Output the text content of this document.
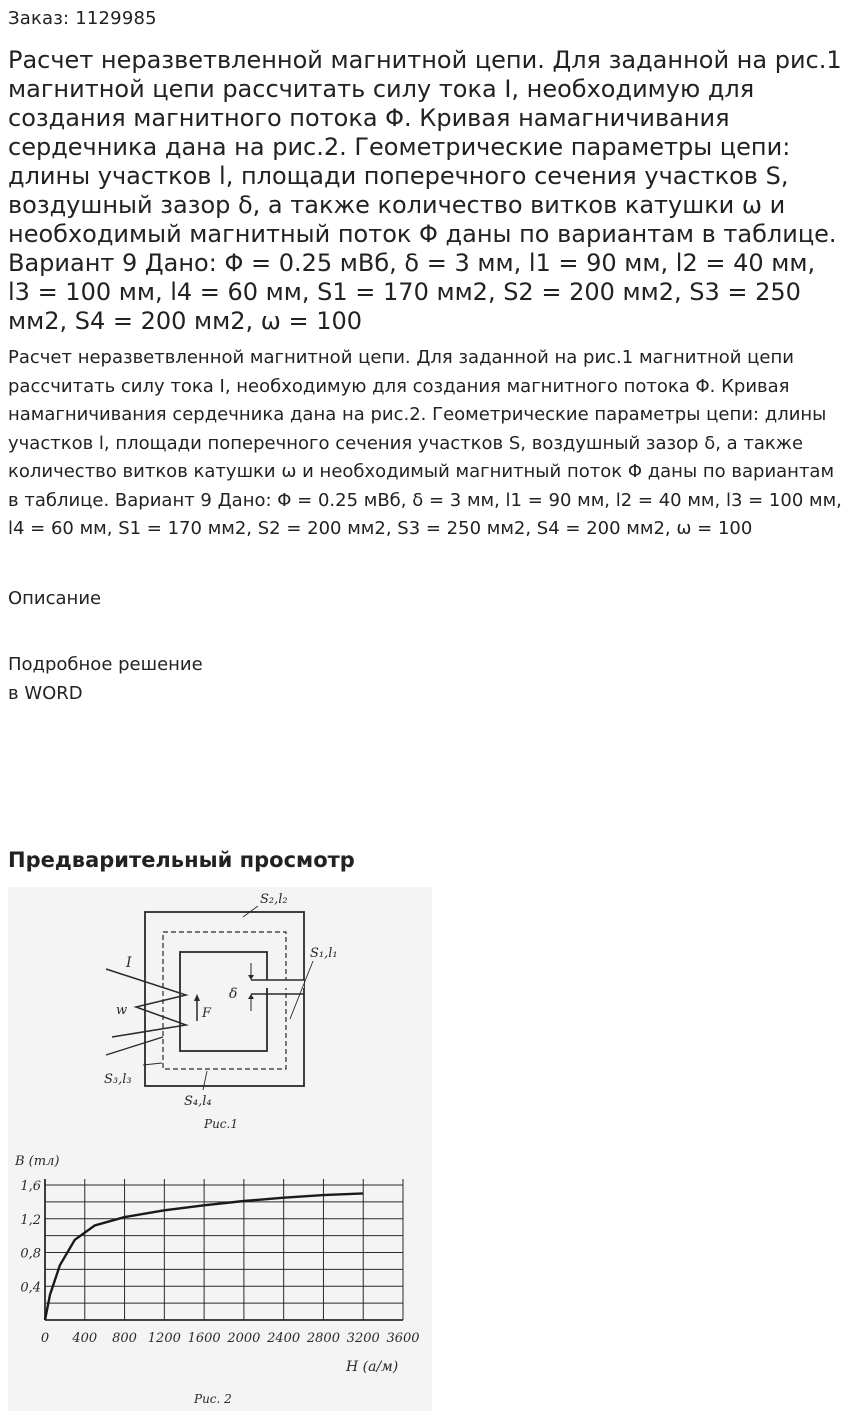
Заказ: 1129985
Расчет неразветвленной магнитной цепи. Для заданной на рис.1 магнитной цепи рассчитать силу тока I, необходимую для создания магнитного потока Φ. Кривая намагничивания сердечника дана на рис.2. Геометрические параметры цепи: длины участков l, площади поперечного сечения участков S, воздушный зазор δ, а также количество витков катушки ω и необходимый магнитный поток Φ даны по вариантам в таблице. Вариант 9 Дано: Φ = 0.25 мВб, δ = 3 мм, l1 = 90 мм, l2 = 40 мм, l3 = 100 мм, l4 = 60 мм, S1 = 170 мм2, S2 = 200 мм2, S3 = 250 мм2, S4 = 200 мм2, ω = 100
Расчет неразветвленной магнитной цепи. Для заданной на рис.1 магнитной цепи рассчитать силу тока I, необходимую для создания магнитного потока Φ. Кривая намагничивания сердечника дана на рис.2. Геометрические параметры цепи: длины участков l, площади поперечного сечения участков S, воздушный зазор δ, а также количество витков катушки ω и необходимый магнитный поток Φ даны по вариантам в таблице. Вариант 9 Дано: Φ = 0.25 мВб, δ = 3 мм, l1 = 90 мм, l2 = 40 мм, l3 = 100 мм, l4 = 60 мм, S1 = 170 мм2, S2 = 200 мм2, S3 = 250 мм2, S4 = 200 мм2, ω = 100
Описание
Подробное решение
в WORD
Предварительный просмотр
S₂,l₂
S₁,l₁
S₃,l₃
S₄,l₄
I
w
δ
F
Рис.1
0 400 800 1200 1600 2000 2400 2800 3200 3600
1,6
1,2
0,8
0,4
B (тл)
H (а/м)
Рис. 2
